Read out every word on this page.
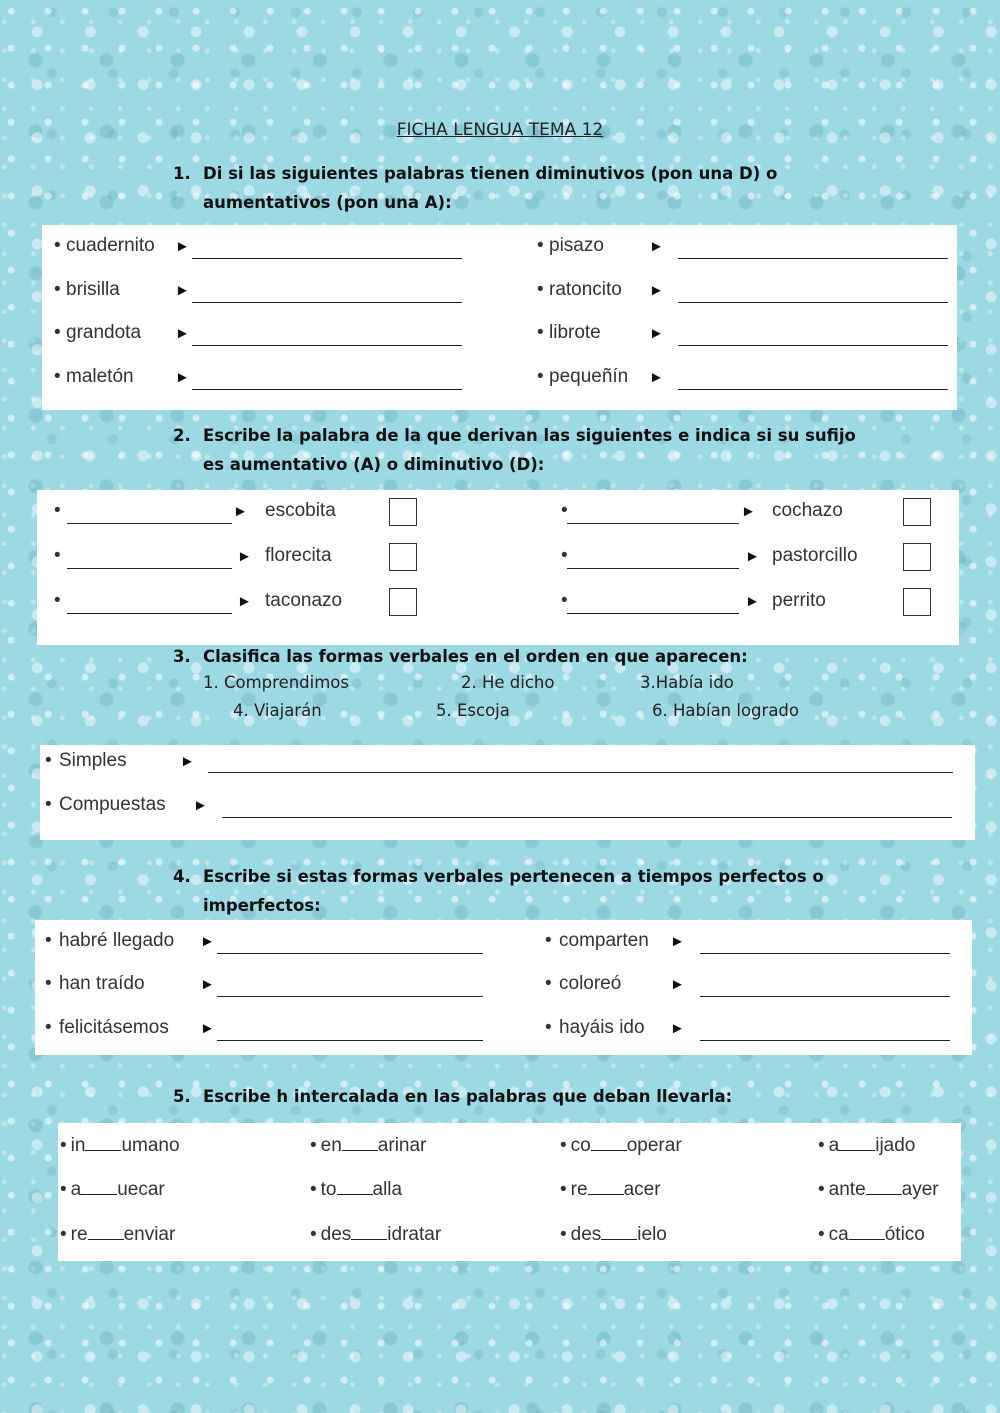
FICHA LENGUA TEMA 12
1. Di si las siguientes palabras tienen diminutivos (pon una D) o aumentativos (pon una A):
• cuadernito ►	• pisazo	►
• brisilla	►	• ratoncito ►
• grandota ►	• librote	►
• maletón	►	• pequeñín ►
2. Escribe la palabra de la que derivan las siguientes e indica si su sufijo es aumentativo (A) o diminutivo (D):
•	► escobita	•	► cochazo
•	► florecita	•	► pastorcillo
•	► taconazo	•	► perrito
3. Clasifica las formas verbales en el orden en que aparecen:
1. Comprendimos	2. He dicho	3.Había ido
4. Viajarán	5. Escoja	6. Habían logrado
• Simples	►
• Compuestas ►
4. Escribe si estas formas verbales pertenecen a tiempos perfectos o imperfectos:
• habré llegado ►	• comparten ►
• han traído	►	• coloreó	►
• felicitásemos ►	• hayáis ido ►
5. Escribe h intercalada en las palabras que deban llevarla:
• in umano	• en arinar	• co operar	• a ijado
• a uecar	• to alla	• re acer	• ante ayer
• re enviar	• des idratar	• des ielo	• ca ótico
